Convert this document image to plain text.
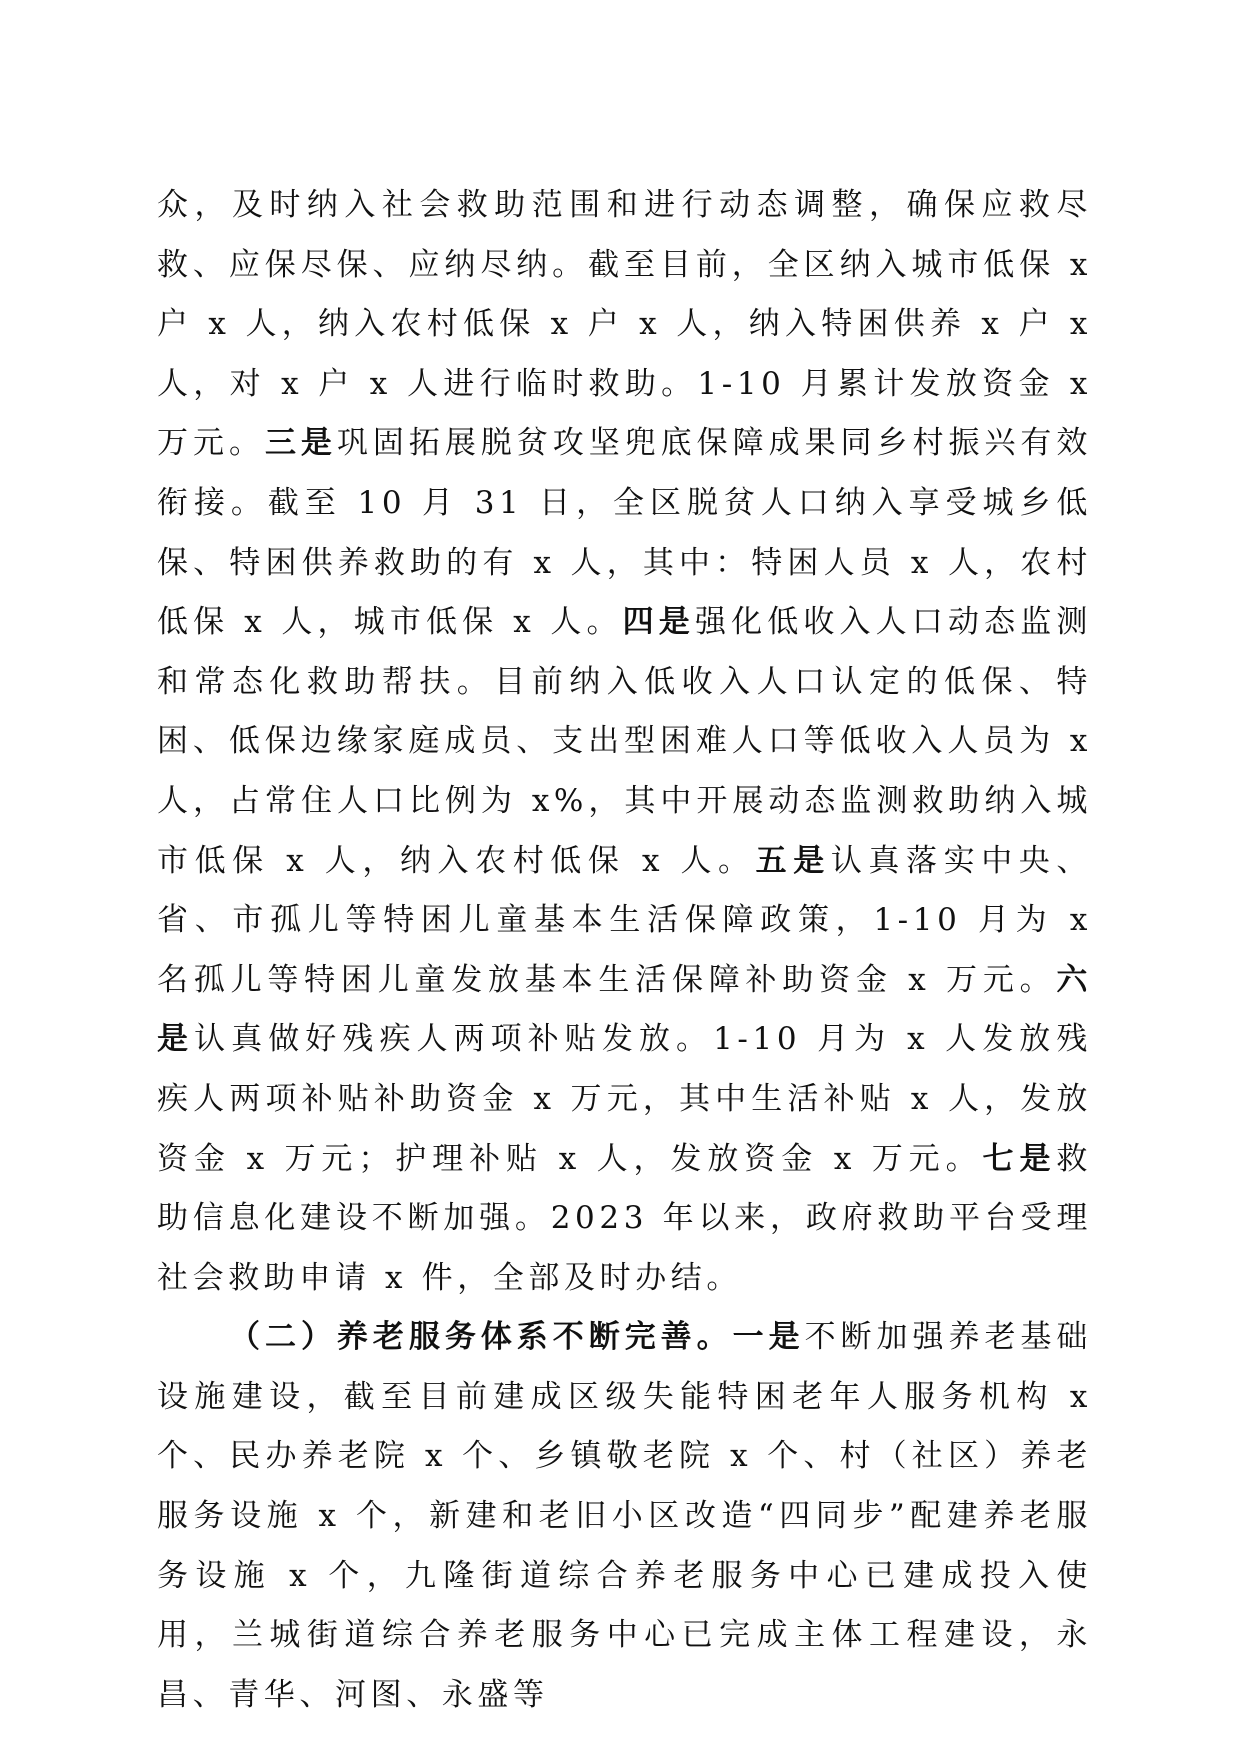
众，及时纳入社会救助范围和进行动态调整，确保应救尽救、应保尽保、应纳尽纳。截至目前，全区纳入城市低保 x 户 x 人，纳入农村低保 x 户 x 人，纳入特困供养 x 户 x 人，对 x 户 x 人进行临时救助。1-10 月累计发放资金 x 万元。三是巩固拓展脱贫攻坚兜底保障成果同乡村振兴有效衔接。截至 10 月 31 日，全区脱贫人口纳入享受城乡低保、特困供养救助的有 x 人，其中：特困人员 x 人，农村低保 x 人，城市低保 x 人。四是强化低收入人口动态监测和常态化救助帮扶。目前纳入低收入人口认定的低保、特困、低保边缘家庭成员、支出型困难人口等低收入人员为 x 人，占常住人口比例为 x%，其中开展动态监测救助纳入城市低保 x 人，纳入农村低保 x 人。五是认真落实中央、省、市孤儿等特困儿童基本生活保障政策，1-10 月为 x 名孤儿等特困儿童发放基本生活保障补助资金 x 万元。六是认真做好残疾人两项补贴发放。1-10 月为 x 人发放残疾人两项补贴补助资金 x 万元，其中生活补贴 x 人，发放资金 x 万元；护理补贴 x 人，发放资金 x 万元。七是救助信息化建设不断加强。2023 年以来，政府救助平台受理社会救助申请 x 件，全部及时办结。

（二）养老服务体系不断完善。一是不断加强养老基础设施建设，截至目前建成区级失能特困老年人服务机构 x 个、民办养老院 x 个、乡镇敬老院 x 个、村（社区）养老服务设施 x 个，新建和老旧小区改造“四同步”配建养老服务设施 x 个，九隆街道综合养老服务中心已建成投入使用，兰城街道综合养老服务中心已完成主体工程建设，永昌、青华、河图、永盛等
